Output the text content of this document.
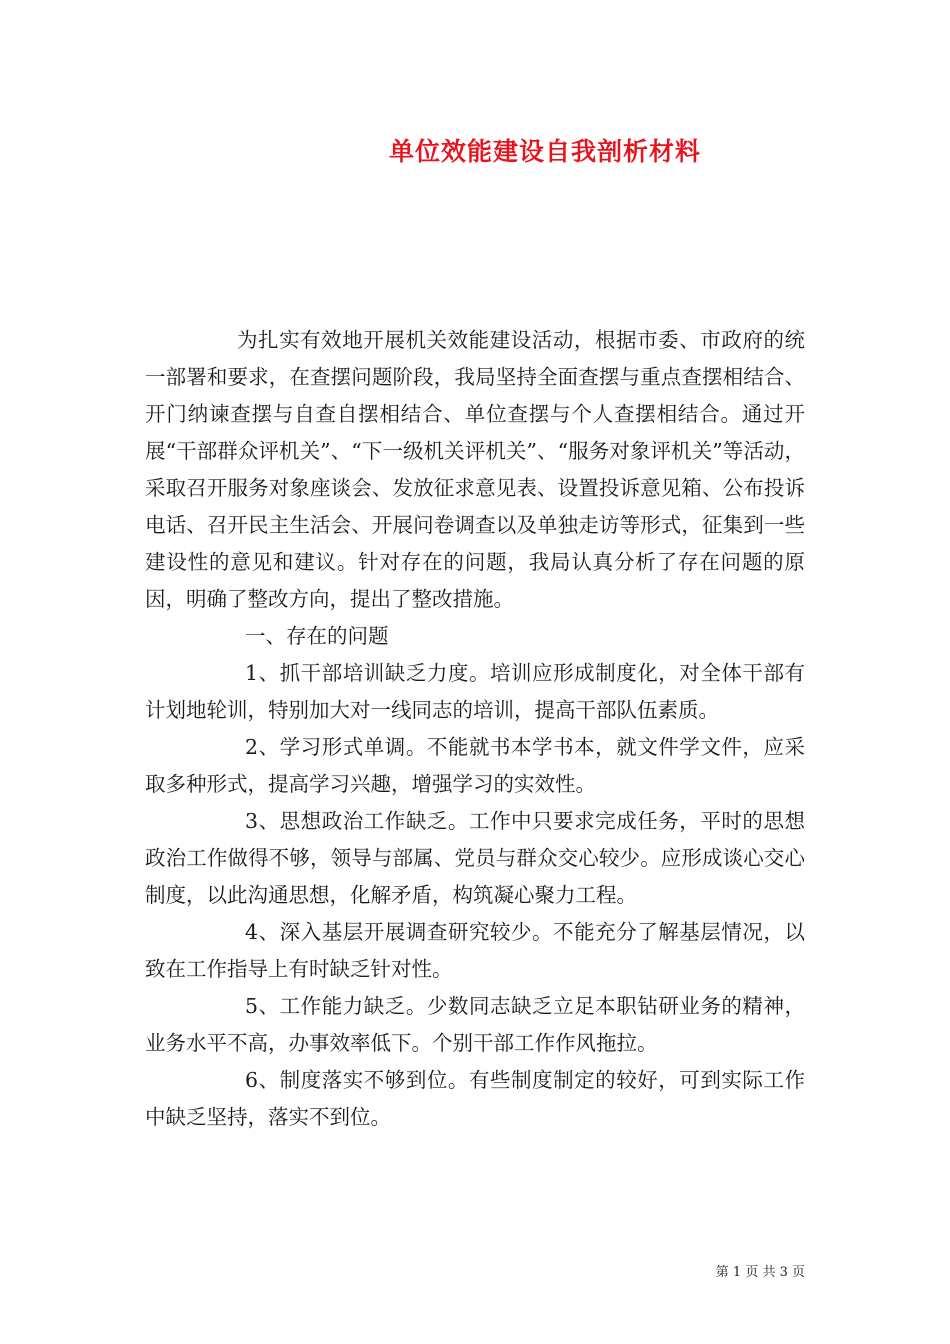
单位效能建设自我剖析材料

为扎实有效地开展机关效能建设活动，根据市委、市政府的统一部署和要求，在查摆问题阶段，我局坚持全面查摆与重点查摆相结合、开门纳谏查摆与自查自摆相结合、单位查摆与个人查摆相结合。通过开展“干部群众评机关”、“下一级机关评机关”、“服务对象评机关”等活动，采取召开服务对象座谈会、发放征求意见表、设置投诉意见箱、公布投诉电话、召开民主生活会、开展问卷调查以及单独走访等形式，征集到一些建设性的意见和建议。针对存在的问题，我局认真分析了存在问题的原因，明确了整改方向，提出了整改措施。

一、存在的问题

1、抓干部培训缺乏力度。培训应形成制度化，对全体干部有计划地轮训，特别加大对一线同志的培训，提高干部队伍素质。

2、学习形式单调。不能就书本学书本，就文件学文件，应采取多种形式，提高学习兴趣，增强学习的实效性。

3、思想政治工作缺乏。工作中只要求完成任务，平时的思想政治工作做得不够，领导与部属、党员与群众交心较少。应形成谈心交心制度，以此沟通思想，化解矛盾，构筑凝心聚力工程。

4、深入基层开展调查研究较少。不能充分了解基层情况，以致在工作指导上有时缺乏针对性。

5、工作能力缺乏。少数同志缺乏立足本职钻研业务的精神，业务水平不高，办事效率低下。个别干部工作作风拖拉。

6、制度落实不够到位。有些制度制定的较好，可到实际工作中缺乏坚持，落实不到位。

第 1 页 共 3 页
